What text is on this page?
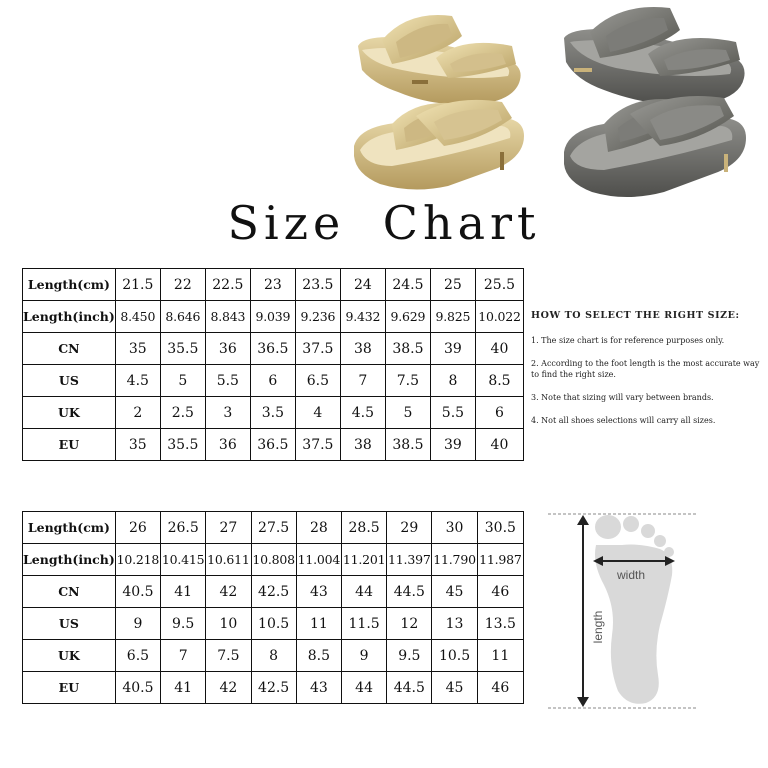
Size Chart
Length(cm)	21.5	22	22.5	23	23.5	24	24.5	25	25.5
Length(inch)	8.450	8.646	8.843	9.039	9.236	9.432	9.629	9.825	10.022
CN	35	35.5	36	36.5	37.5	38	38.5	39	40
US	4.5	5	5.5	6	6.5	7	7.5	8	8.5
UK	2	2.5	3	3.5	4	4.5	5	5.5	6
EU	35	35.5	36	36.5	37.5	38	38.5	39	40
HOW TO SELECT THE RIGHT SIZE:

1. The size chart is for reference purposes only.

2. According to the foot length is the most accurate way to find the right size.

3. Note that sizing will vary between brands.

4. Not all shoes selections will carry all sizes.

Length(cm)	26	26.5	27	27.5	28	28.5	29	30	30.5
Length(inch)	10.218	10.415	10.611	10.808	11.004	11.201	11.397	11.790	11.987
CN	40.5	41	42	42.5	43	44	44.5	45	46
US	9	9.5	10	10.5	11	11.5	12	13	13.5
UK	6.5	7	7.5	8	8.5	9	9.5	10.5	11
EU	40.5	41	42	42.5	43	44	44.5	45	46
length
width
